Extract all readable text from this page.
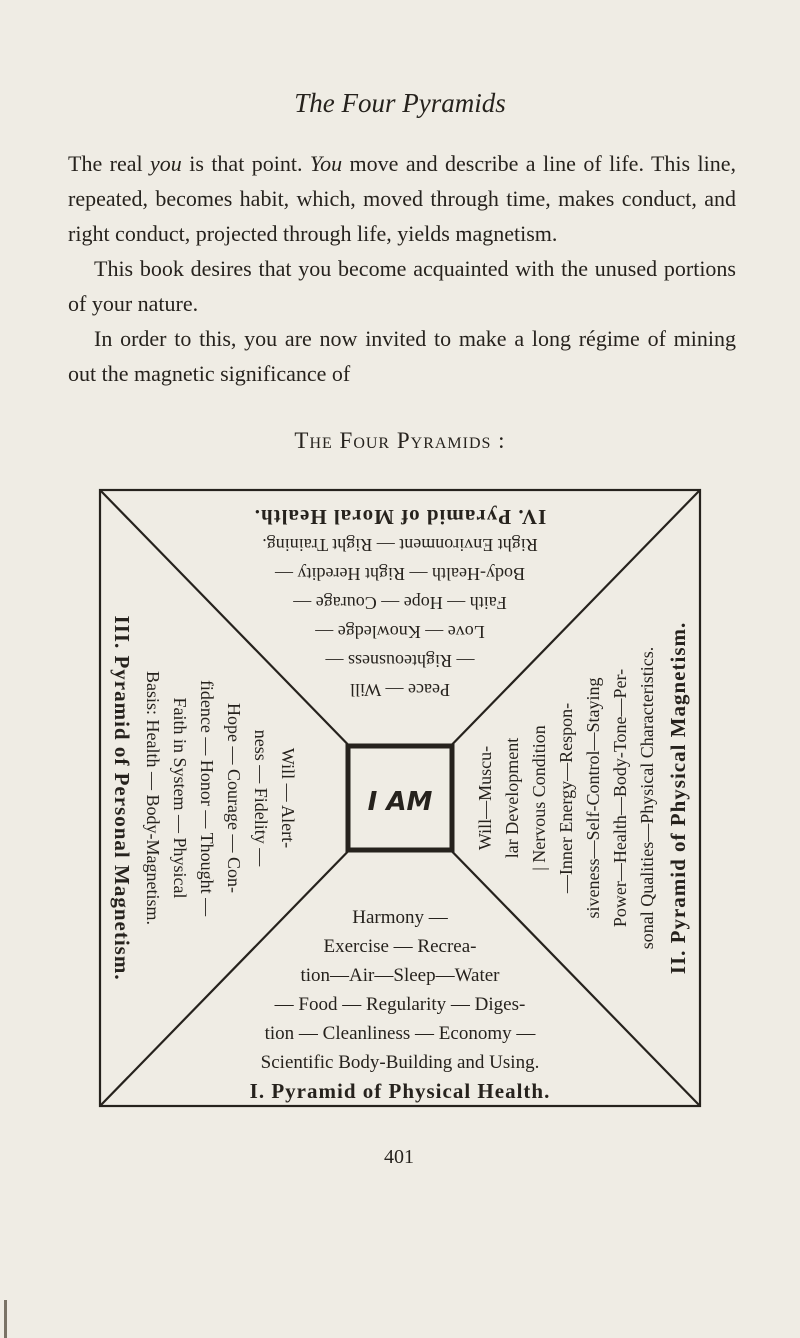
The Four Pyramids

The real you is that point. You move and describe a line of life. This line, repeated, becomes habit, which, moved through time, makes conduct, and right conduct, projected through life, yields magnetism.

This book desires that you become acquainted with the unused portions of your nature.

In order to this, you are now invited to make a long régime of mining out the magnetic significance of

The Four Pyramids :
I AM
Harmony —
Exercise — Recrea-
tion—Air—Sleep—Water
— Food — Regularity — Diges-
tion — Cleanliness — Economy —
Scientific Body-Building and Using.
I. Pyramid of Physical Health.
II. Pyramid of Physical Magnetism.
sonal Qualities—Physical Characteristics.
Power—Health—Body-Tone—Per-
siveness—Self-Control—Staying
—Inner Energy—Respon-
| Nervous Condition
lar Development
Will—Muscu-
III. Pyramid of Personal Magnetism. Basis: Health — Body-Magnetism. Faith in System — Physical fidence — Honor — Thought — Hope — Courage — Con- ness — Fidelity — Will — Alert-
IV. Pyramid of Moral Health.
Right Environment — Right Training.
Body-Health — Right Heredity —
Faith — Hope — Courage —
Love — Knowledge —
— Righteousness —
Peace — Will
401
